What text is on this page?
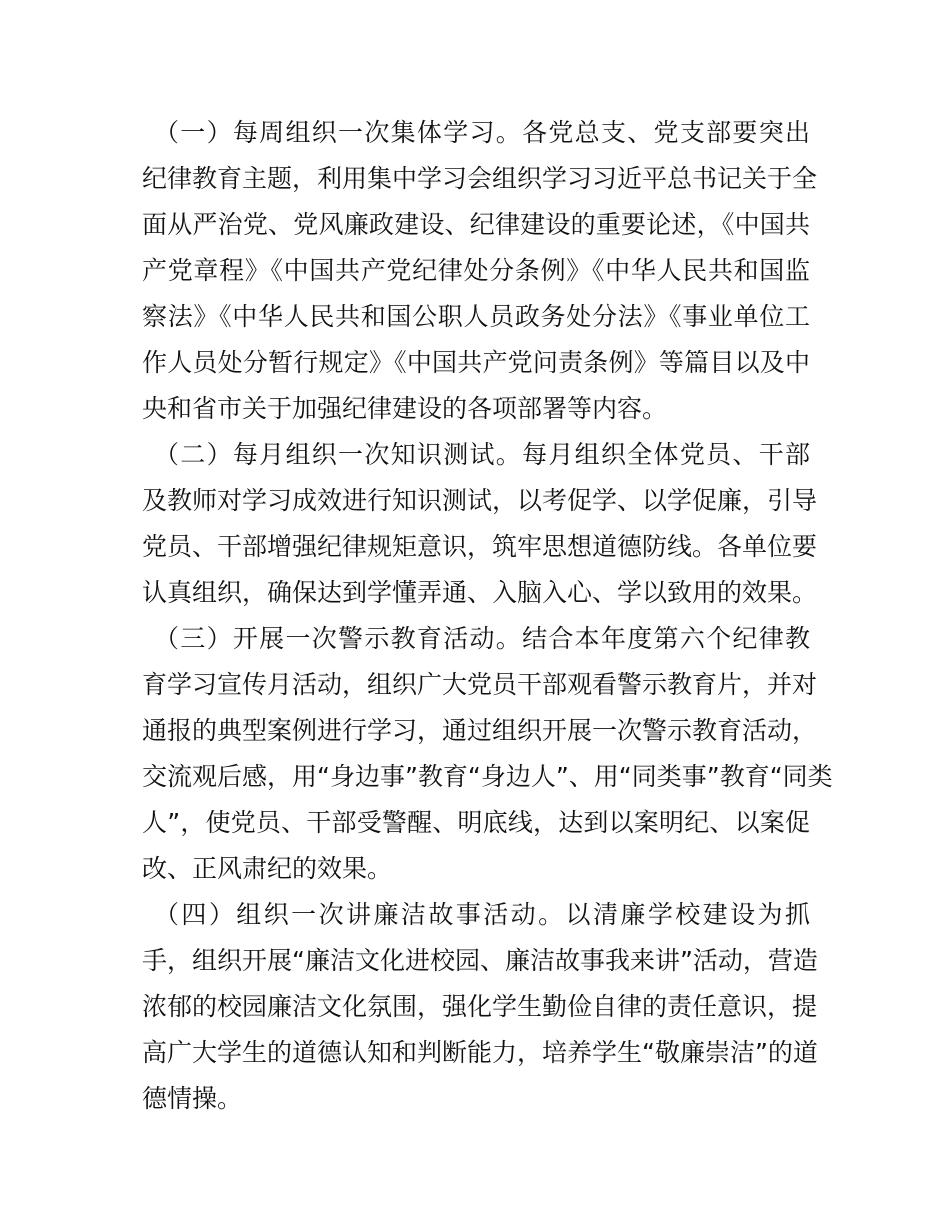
（一）每周组织一次集体学习。各党总支、党支部要突出
纪律教育主题，利用集中学习会组织学习习近平总书记关于全
面从严治党、党风廉政建设、纪律建设的重要论述，《中国共
产党章程》《中国共产党纪律处分条例》《中华人民共和国监
察法》《中华人民共和国公职人员政务处分法》《事业单位工
作人员处分暂行规定》《中国共产党问责条例》等篇目以及中
央和省市关于加强纪律建设的各项部署等内容。
（二）每月组织一次知识测试。每月组织全体党员、干部
及教师对学习成效进行知识测试，以考促学、以学促廉，引导
党员、干部增强纪律规矩意识，筑牢思想道德防线。各单位要
认真组织，确保达到学懂弄通、入脑入心、学以致用的效果。
（三）开展一次警示教育活动。结合本年度第六个纪律教
育学习宣传月活动，组织广大党员干部观看警示教育片，并对
通报的典型案例进行学习，通过组织开展一次警示教育活动，
交流观后感，用“身边事”教育“身边人”、用“同类事”教育“同类
人”，使党员、干部受警醒、明底线，达到以案明纪、以案促
改、正风肃纪的效果。
（四）组织一次讲廉洁故事活动。以清廉学校建设为抓
手，组织开展“廉洁文化进校园、廉洁故事我来讲”活动，营造
浓郁的校园廉洁文化氛围，强化学生勤俭自律的责任意识，提
高广大学生的道德认知和判断能力，培养学生“敬廉崇洁”的道
德情操。
